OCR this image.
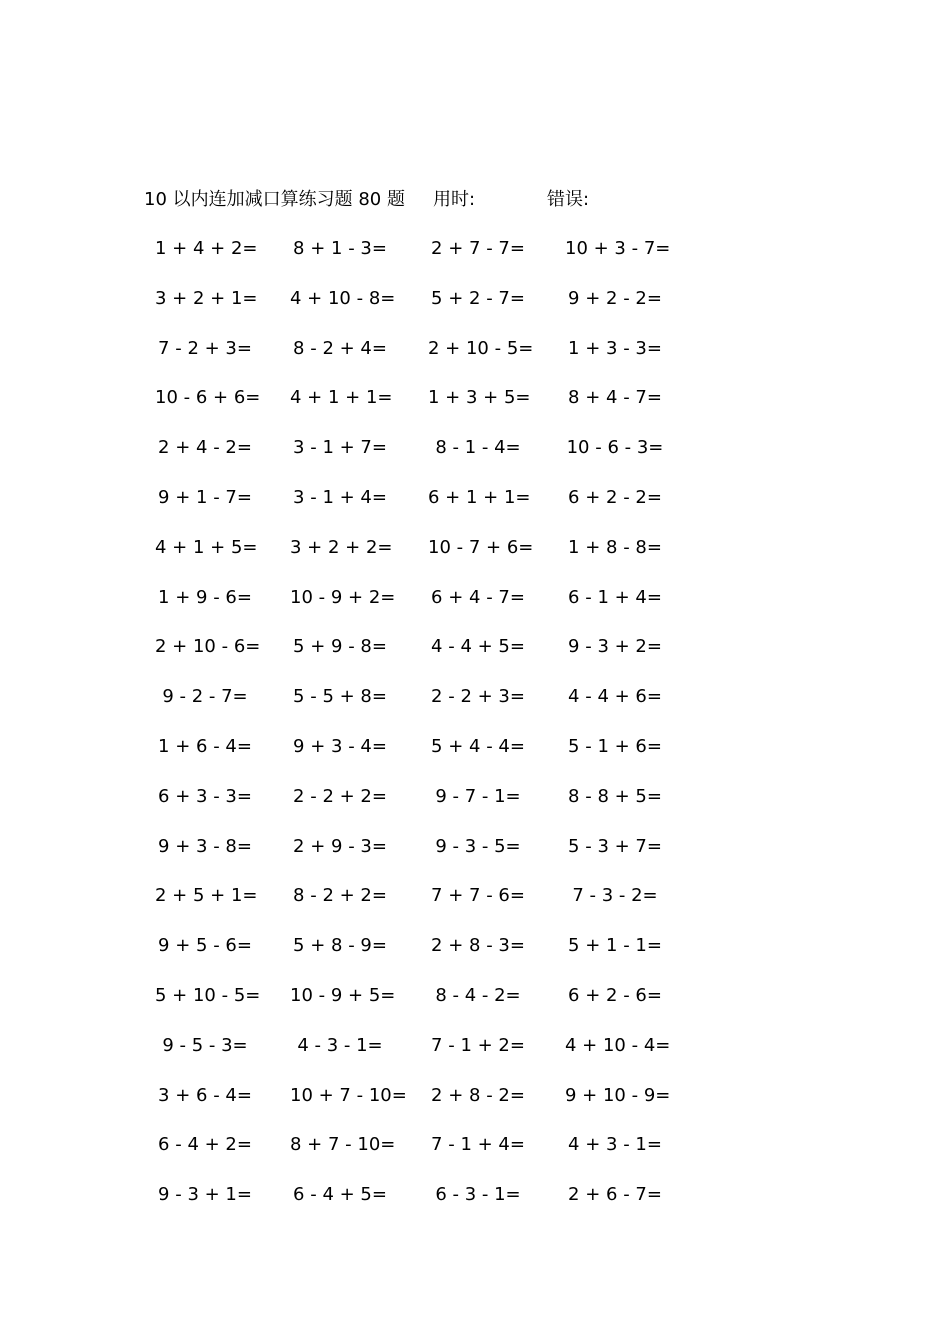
10 以内连加减口算练习题 80 题 用时:	错误:
1 + 4 + 2= 8 + 1 - 3= 2 + 7 - 7= 10 + 3 - 7=
3 + 2 + 1= 4 + 10 - 8= 5 + 2 - 7= 9 + 2 - 2=
7 - 2 + 3= 8 - 2 + 4= 2 + 10 - 5= 1 + 3 - 3=
10 - 6 + 6= 4 + 1 + 1= 1 + 3 + 5= 8 + 4 - 7=
2 + 4 - 2= 3 - 1 + 7=	8 - 1 - 4=	10 - 6 - 3=
9 + 1 - 7= 3 - 1 + 4= 6 + 1 + 1= 6 + 2 - 2=
4 + 1 + 5= 3 + 2 + 2= 10 - 7 + 6= 1 + 8 - 8=
1 + 9 - 6= 10 - 9 + 2= 6 + 4 - 7= 6 - 1 + 4=
2 + 10 - 6= 5 + 9 - 8= 4 - 4 + 5= 9 - 3 + 2=
9 - 2 - 7=	5 - 5 + 8= 2 - 2 + 3= 4 - 4 + 6=
1 + 6 - 4= 9 + 3 - 4= 5 + 4 - 4= 5 - 1 + 6=
6 + 3 - 3= 2 - 2 + 2=	9 - 7 - 1=	8 - 8 + 5=
9 + 3 - 8= 2 + 9 - 3=	9 - 3 - 5=	5 - 3 + 7=
2 + 5 + 1= 8 - 2 + 2= 7 + 7 - 6=	7 - 3 - 2=
9 + 5 - 6= 5 + 8 - 9= 2 + 8 - 3= 5 + 1 - 1=
5 + 10 - 5= 10 - 9 + 5=	8 - 4 - 2=	6 + 2 - 6=
9 - 5 - 3=	4 - 3 - 1=	7 - 1 + 2= 4 + 10 - 4=
3 + 6 - 4= 10 + 7 - 10= 2 + 8 - 2= 9 + 10 - 9=
6 - 4 + 2= 8 + 7 - 10= 7 - 1 + 4= 4 + 3 - 1=
9 - 3 + 1= 6 - 4 + 5=	6 - 3 - 1=	2 + 6 - 7=
